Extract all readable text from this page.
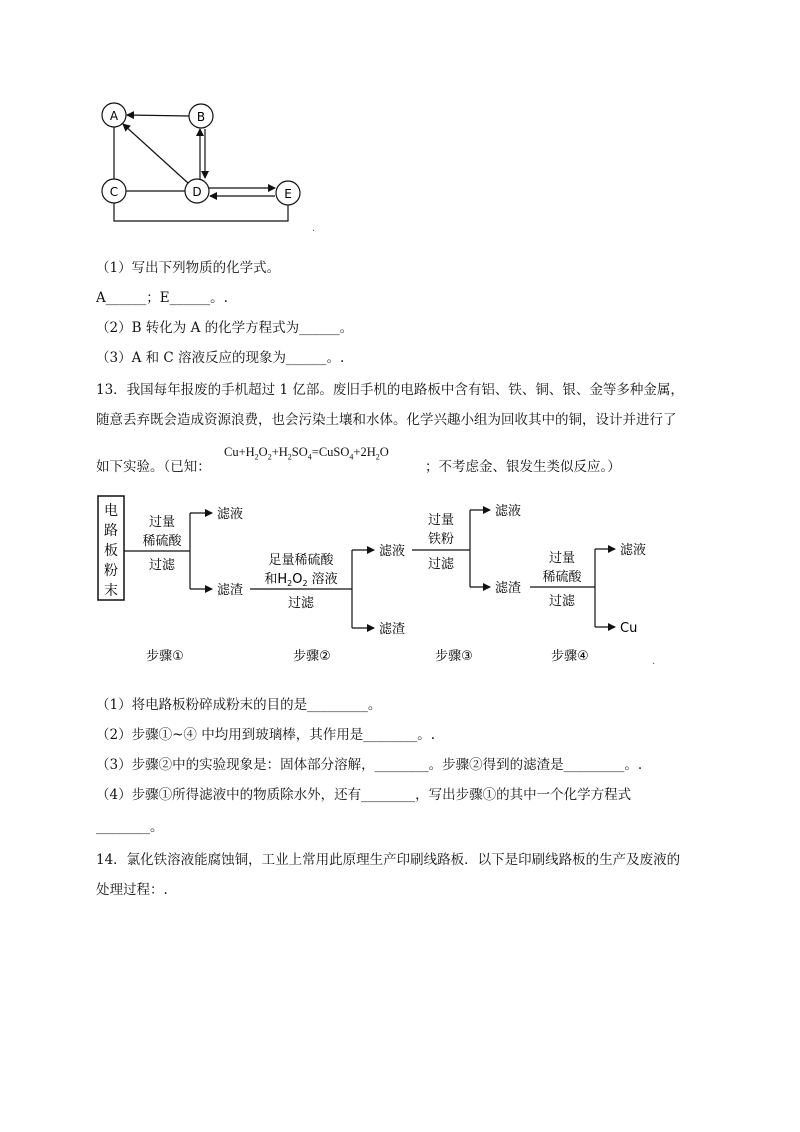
A	B
C	D	E
.
（1）写出下列物质的化学式。
A______；E______。.
（2）B 转化为 A 的化学方程式为______。
（3）A 和 C 溶液反应的现象为______。.
13．我国每年报废的手机超过 1 亿部。废旧手机的电路板中含有铝、铁、铜、银、金等多种金属，
随意丢弃既会造成资源浪费，也会污染土壤和水体。化学兴趣小组为回收其中的铜，设计并进行了
如下实验。（已知：
$Cu+H_2O_2+H_2SO_4=CuSO_4+2H_2O$
；不考虑金、银发生类似反应。）
电
路
板
粉
末
过量
稀硫酸
过滤
滤液
滤渣
足量稀硫酸
和$H_2O_2$ 溶液
过滤
滤液
滤渣
过量
铁粉
过滤
滤液
滤渣
过量
稀硫酸
过滤
滤液
Cu
步骤①	步骤②	步骤③	步骤④	.
（1）将电路板粉碎成粉末的目的是_________。
（2）步骤①~④ 中均用到玻璃棒，其作用是________。.
（3）步骤②中的实验现象是：固体部分溶解，________。步骤②得到的滤渣是_________。.
（4）步骤①所得滤液中的物质除水外，还有________，写出步骤①的其中一个化学方程式
________。
14．氯化铁溶液能腐蚀铜，工业上常用此原理生产印刷线路板．以下是印刷线路板的生产及废液的
处理过程：.
